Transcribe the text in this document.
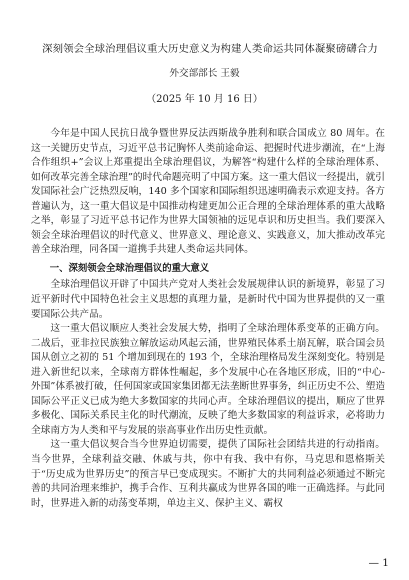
深刻领会全球治理倡议重大历史意义为构建人类命运共同体凝聚磅礴合力
外交部部长 王毅
（2025 年 10 月 16 日）

今年是中国人民抗日战争暨世界反法西斯战争胜利和联合国成立 80 周年。在这一关键历史节点，习近平总书记胸怀人类前途命运、把握时代进步潮流，在“上海合作组织+”会议上郑重提出全球治理倡议，为解答“构建什么样的全球治理体系、如何改革完善全球治理”的时代命题亮明了中国方案。这一重大倡议一经提出，就引发国际社会广泛热烈反响，140 多个国家和国际组织迅速明确表示欢迎支持。各方普遍认为，这一重大倡议是中国推动构建更加公正合理的全球治理体系的重大战略之举，彰显了习近平总书记作为世界大国领袖的远见卓识和历史担当。我们要深入领会全球治理倡议的时代意义、世界意义、理论意义、实践意义，加大推动改革完善全球治理，同各国一道携手共建人类命运共同体。

一、深刻领会全球治理倡议的重大意义

全球治理倡议开辟了中国共产党对人类社会发展规律认识的新境界，彰显了习近平新时代中国特色社会主义思想的真理力量，是新时代中国为世界提供的又一重要国际公共产品。

这一重大倡议顺应人类社会发展大势，指明了全球治理体系变革的正确方向。二战后，亚非拉民族独立解放运动风起云涌，世界殖民体系土崩瓦解，联合国会员国从创立之初的 51 个增加到现在的 193 个，全球治理格局发生深刻变化。特别是进入新世纪以来，全球南方群体性崛起，多个发展中心在各地区形成，旧的“中心-外围”体系被打破，任何国家或国家集团都无法垄断世界事务，纠正历史不公、塑造国际公平正义已成为绝大多数国家的共同心声。全球治理倡议的提出，顺应了世界多极化、国际关系民主化的时代潮流，反映了绝大多数国家的利益诉求，必将助力全球南方为人类和平与发展的崇高事业作出历史性贡献。

这一重大倡议契合当今世界迫切需要，提供了国际社会团结共进的行动指南。当今世界，全球利益交融、休戚与共，你中有我、我中有你，马克思和恩格斯关于“历史成为世界历史”的预言早已变成现实。不断扩大的共同利益必须通过不断完善的共同治理来维护，携手合作、互利共赢成为世界各国的唯一正确选择。与此同时，世界进入新的动荡变革期，单边主义、保护主义、霸权

— 1
